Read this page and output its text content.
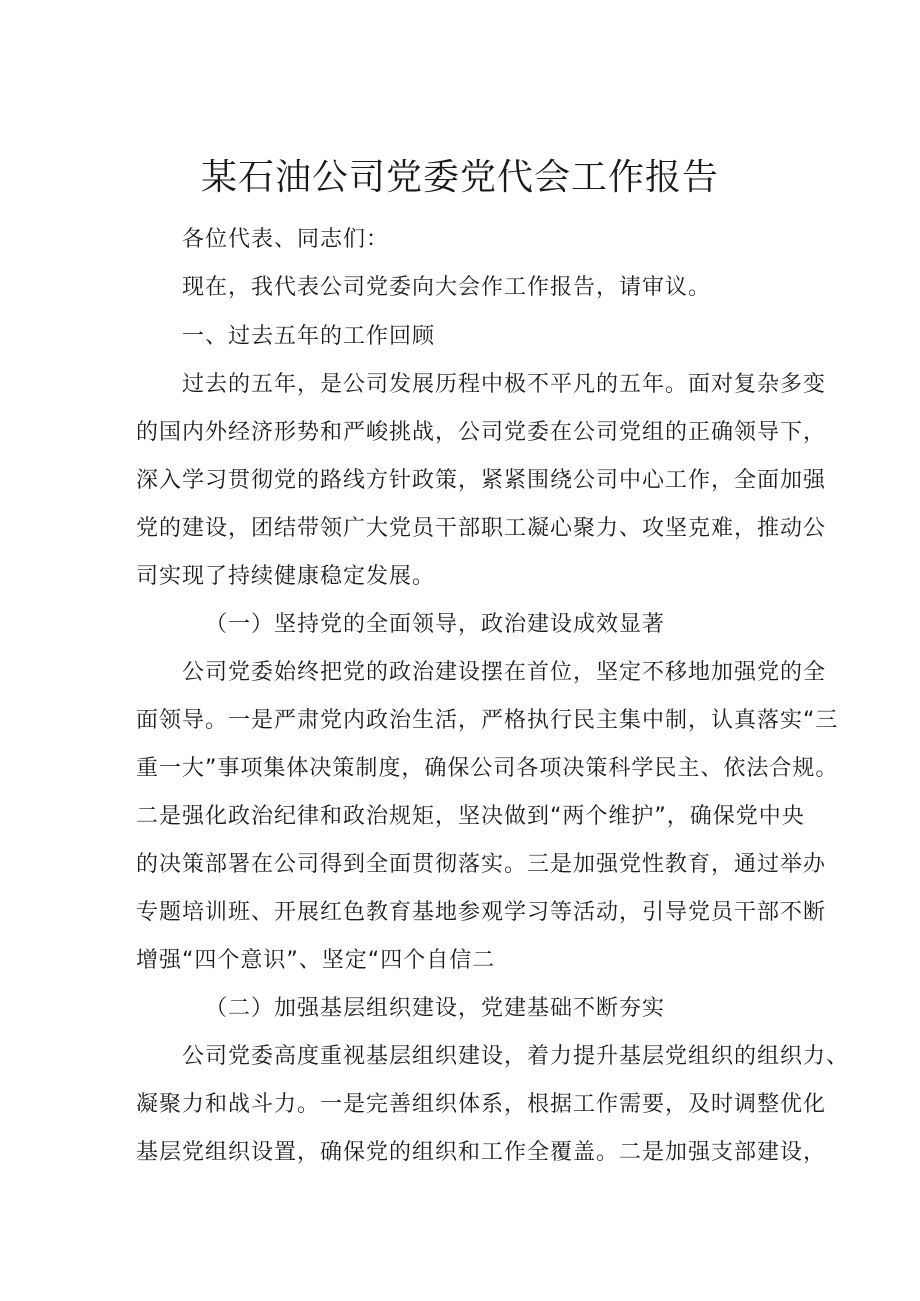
某石油公司党委党代会工作报告

各位代表、同志们：

现在，我代表公司党委向大会作工作报告，请审议。

一、过去五年的工作回顾

过去的五年，是公司发展历程中极不平凡的五年。面对复杂多变

的国内外经济形势和严峻挑战，公司党委在公司党组的正确领导下，

深入学习贯彻党的路线方针政策，紧紧围绕公司中心工作，全面加强

党的建设，团结带领广大党员干部职工凝心聚力、攻坚克难，推动公

司实现了持续健康稳定发展。

（一）坚持党的全面领导，政治建设成效显著

公司党委始终把党的政治建设摆在首位，坚定不移地加强党的全

面领导。一是严肃党内政治生活，严格执行民主集中制，认真落实“三

重一大”事项集体决策制度，确保公司各项决策科学民主、依法合规。

二是强化政治纪律和政治规矩，坚决做到“两个维护”，确保党中央

的决策部署在公司得到全面贯彻落实。三是加强党性教育，通过举办

专题培训班、开展红色教育基地参观学习等活动，引导党员干部不断

增强“四个意识”、坚定“四个自信二

（二）加强基层组织建设，党建基础不断夯实

公司党委高度重视基层组织建设，着力提升基层党组织的组织力、

凝聚力和战斗力。一是完善组织体系，根据工作需要，及时调整优化

基层党组织设置，确保党的组织和工作全覆盖。二是加强支部建设，
